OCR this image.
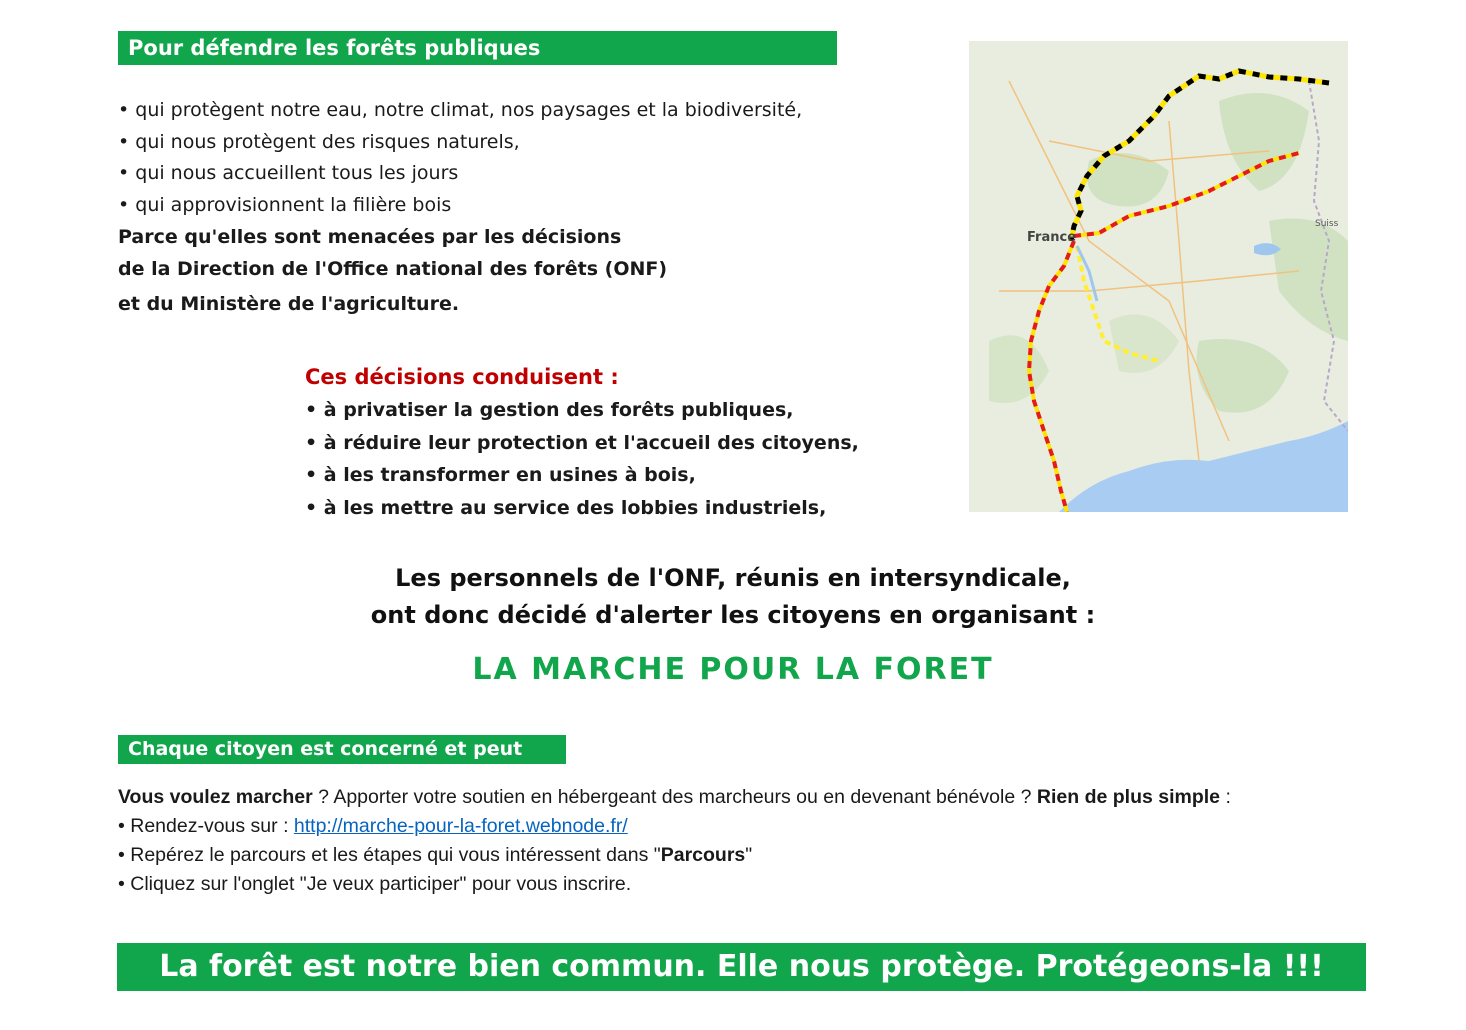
Pour défendre les forêts publiques
• qui protègent notre eau, notre climat, nos paysages et la biodiversité,
• qui nous protègent des risques naturels,
• qui nous accueillent tous les jours
• qui approvisionnent la filière bois
Parce qu'elles sont menacées par les décisions
de la Direction de l'Office national des forêts (ONF)
et du Ministère de l'agriculture.
Ces décisions conduisent :
• à privatiser la gestion des forêts publiques,
• à réduire leur protection et l'accueil des citoyens,
• à les transformer en usines à bois,
• à les mettre au service des lobbies industriels,
France
Suiss
Les personnels de l'ONF, réunis en intersyndicale,
ont donc décidé d'alerter les citoyens en organisant :
LA MARCHE POUR LA FORET
Chaque citoyen est concerné et peut agir.
Vous voulez marcher ? Apporter votre soutien en hébergeant des marcheurs ou en devenant bénévole ? Rien de plus simple :
• Rendez-vous sur : http://marche-pour-la-foret.webnode.fr/
• Repérez le parcours et les étapes qui vous intéressent dans "Parcours"
• Cliquez sur l'onglet "Je veux participer" pour vous inscrire.
La forêt est notre bien commun. Elle nous protège. Protégeons-la !!!
